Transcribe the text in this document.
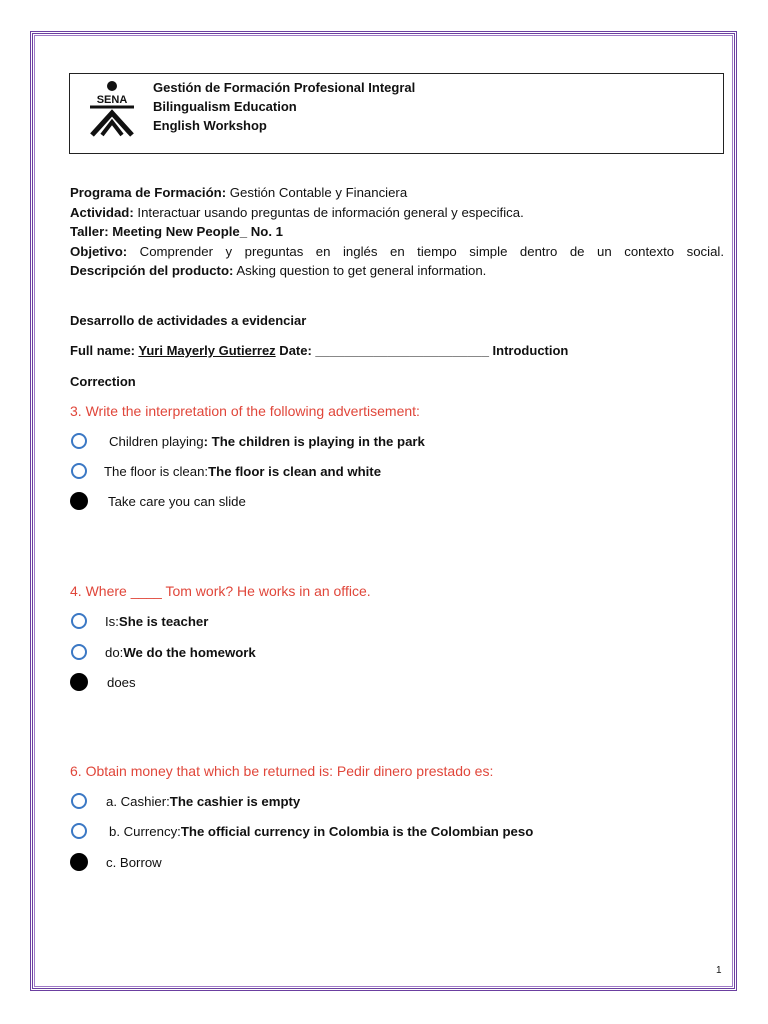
SENA
Gestión de Formación Profesional Integral
Bilingualism Education
English Workshop

Programa de Formación: Gestión Contable y Financiera

Actividad: Interactuar usando preguntas de información general y especifica.

Taller: Meeting New People_ No. 1

Objetivo: Comprender y preguntas en inglés en tiempo simple dentro de un contexto social.

Descripción del producto: Asking question to get general information.

Desarrollo de actividades a evidenciar
Full name: Yuri Mayerly Gutierrez Date: ________________________ Introduction
Correction
3. Write the interpretation of the following advertisement:
Children playing : The children is playing in the park
The floor is clean: The floor is clean and white
Take care you can slide
4. Where ____ Tom work? He works in an office.
Is: She is teacher
do: We do the homework
does
6. Obtain money that which be returned is: Pedir dinero prestado es:
a. Cashier: The cashier is empty
b. Currency: The official currency in Colombia is the Colombian peso
c. Borrow
1
